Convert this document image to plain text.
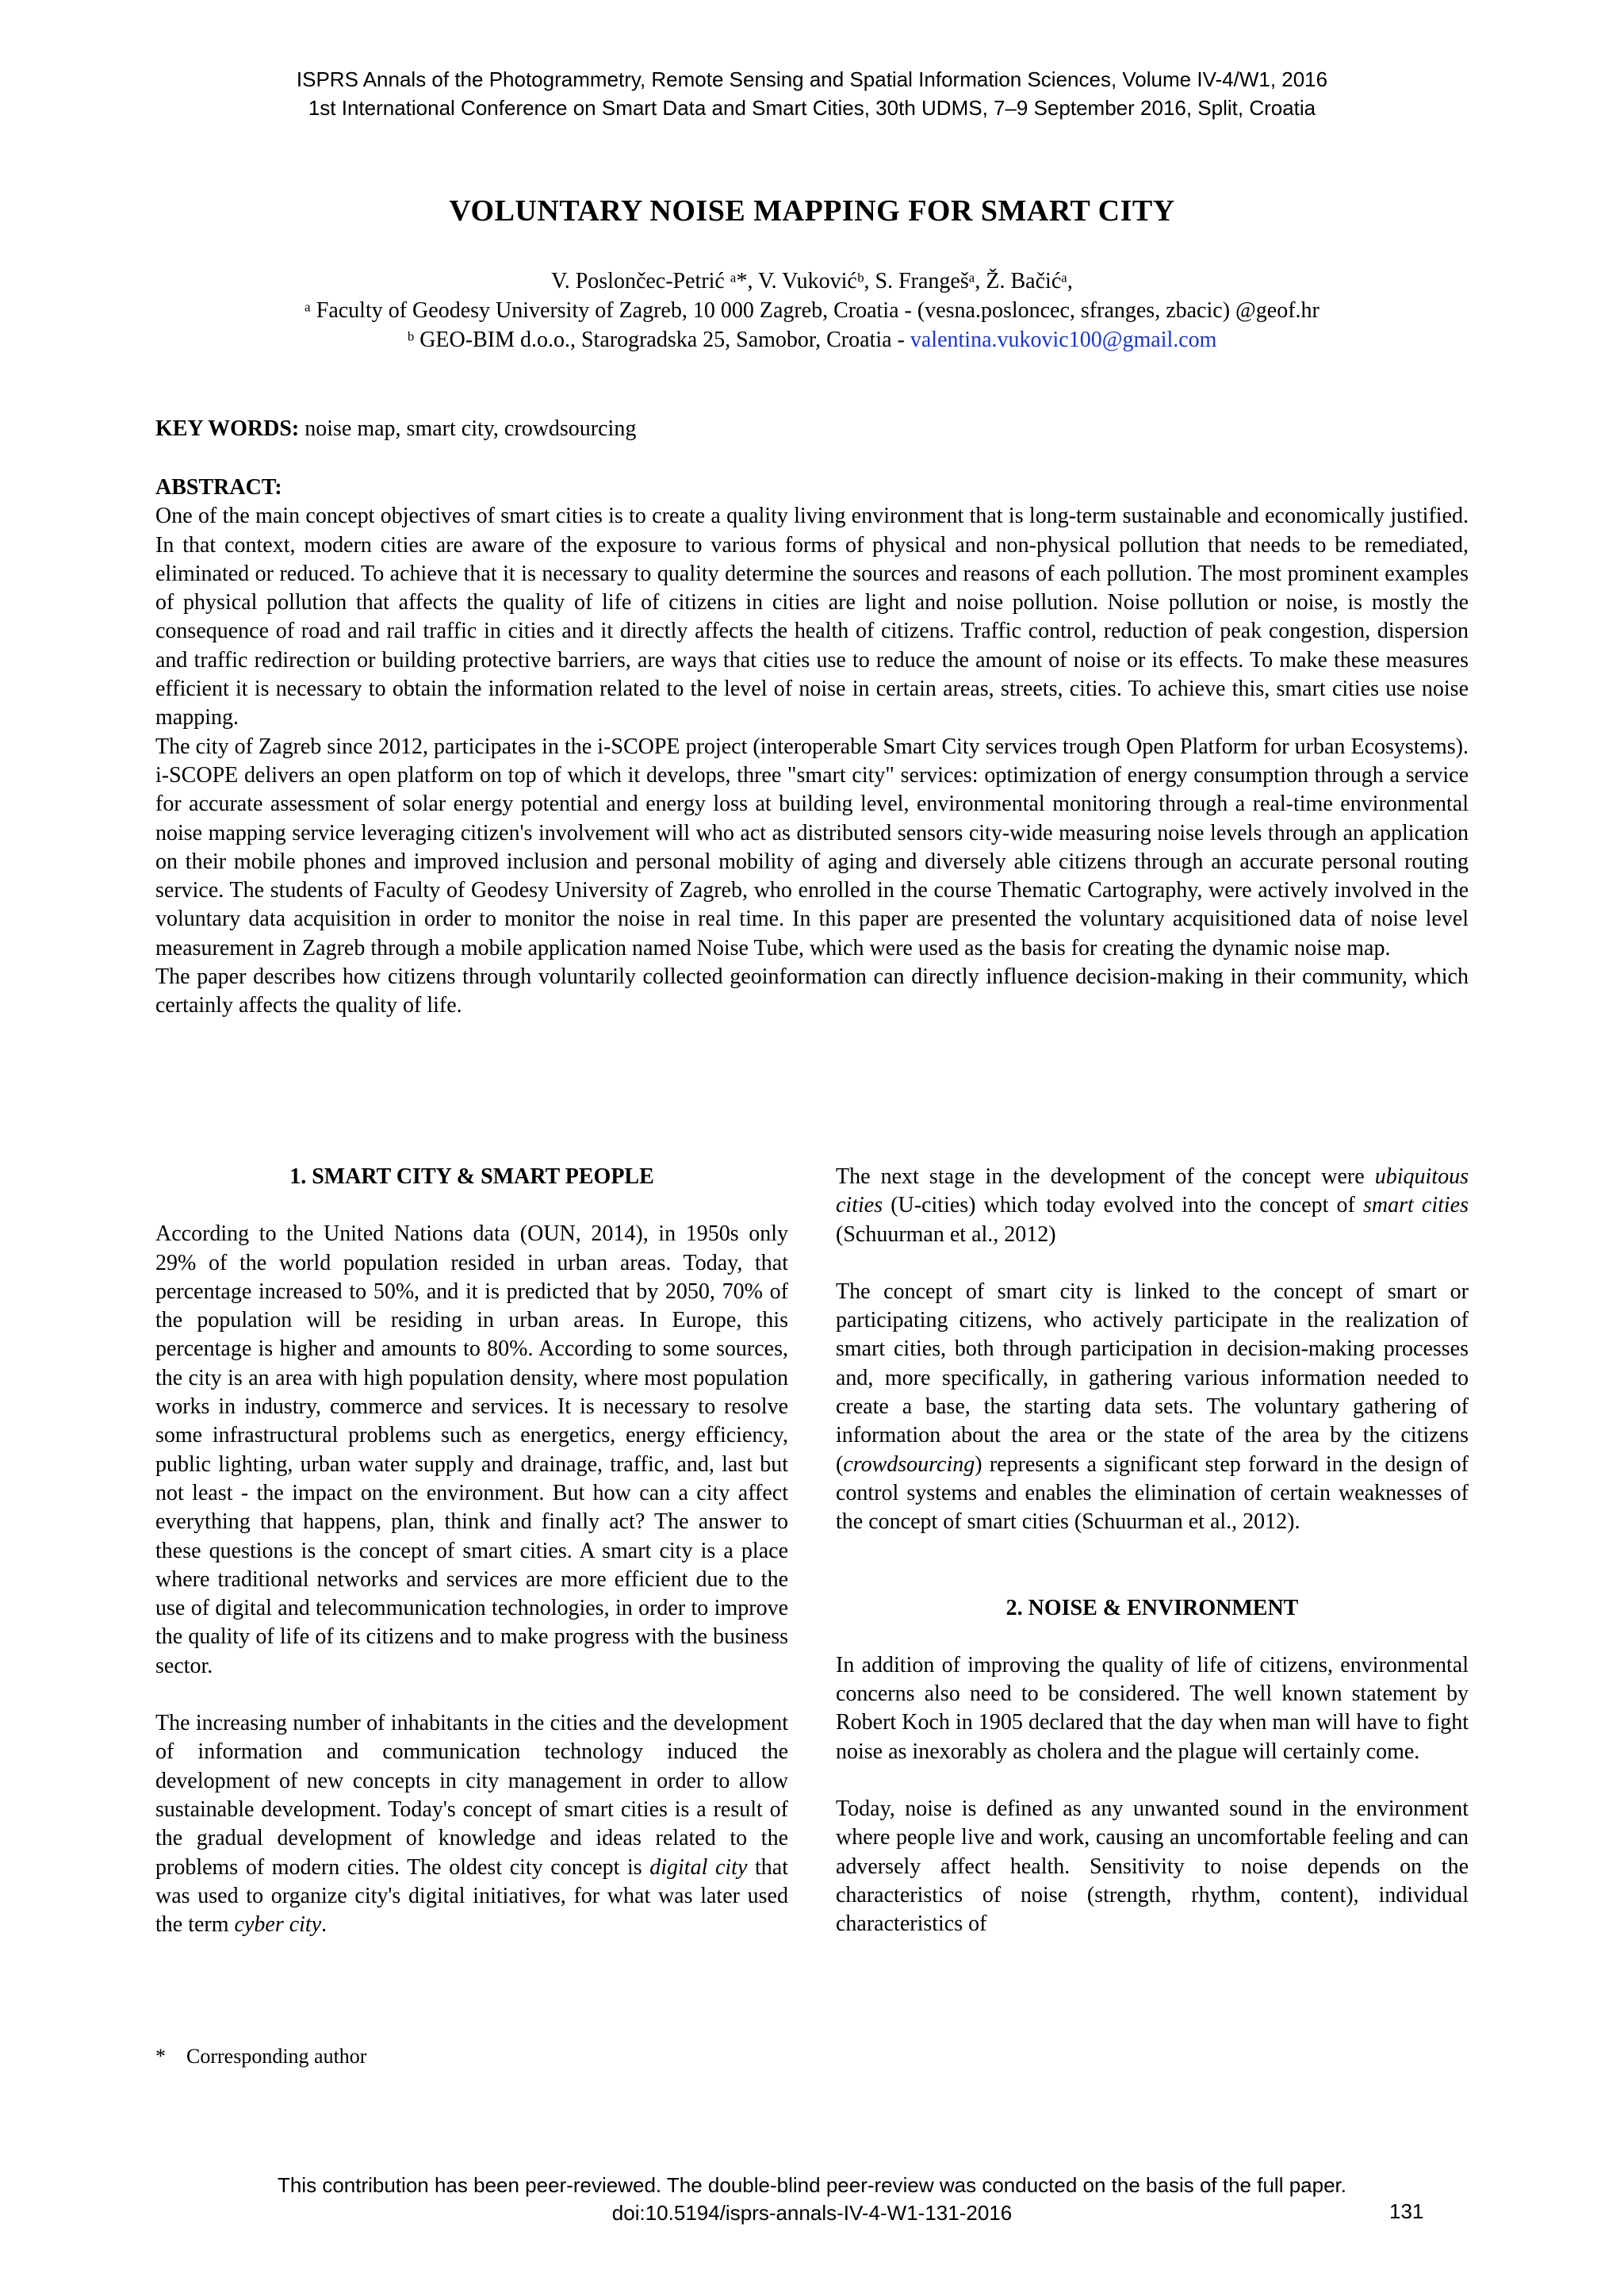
ISPRS Annals of the Photogrammetry, Remote Sensing and Spatial Information Sciences, Volume IV-4/W1, 2016
1st International Conference on Smart Data and Smart Cities, 30th UDMS, 7–9 September 2016, Split, Croatia
VOLUNTARY NOISE MAPPING FOR SMART CITY
V. Poslončec-Petrić ᵃ*, V. Vukovićᵇ, S. Frangešᵃ, Ž. Bačićᵃ,
ᵃ Faculty of Geodesy University of Zagreb, 10 000 Zagreb, Croatia - (vesna.posloncec, sfranges, zbacic) @geof.hr
ᵇ GEO-BIM d.o.o., Starogradska 25, Samobor, Croatia - valentina.vukovic100@gmail.com
KEY WORDS: noise map, smart city, crowdsourcing
ABSTRACT:

One of the main concept objectives of smart cities is to create a quality living environment that is long-term sustainable and economically justified. In that context, modern cities are aware of the exposure to various forms of physical and non-physical pollution that needs to be remediated, eliminated or reduced. To achieve that it is necessary to quality determine the sources and reasons of each pollution. The most prominent examples of physical pollution that affects the quality of life of citizens in cities are light and noise pollution. Noise pollution or noise, is mostly the consequence of road and rail traffic in cities and it directly affects the health of citizens. Traffic control, reduction of peak congestion, dispersion and traffic redirection or building protective barriers, are ways that cities use to reduce the amount of noise or its effects. To make these measures efficient it is necessary to obtain the information related to the level of noise in certain areas, streets, cities. To achieve this, smart cities use noise mapping.

The city of Zagreb since 2012, participates in the i-SCOPE project (interoperable Smart City services trough Open Platform for urban Ecosystems). i-SCOPE delivers an open platform on top of which it develops, three "smart city" services: optimization of energy consumption through a service for accurate assessment of solar energy potential and energy loss at building level, environmental monitoring through a real-time environmental noise mapping service leveraging citizen's involvement will who act as distributed sensors city-wide measuring noise levels through an application on their mobile phones and improved inclusion and personal mobility of aging and diversely able citizens through an accurate personal routing service. The students of Faculty of Geodesy University of Zagreb, who enrolled in the course Thematic Cartography, were actively involved in the voluntary data acquisition in order to monitor the noise in real time. In this paper are presented the voluntary acquisitioned data of noise level measurement in Zagreb through a mobile application named Noise Tube, which were used as the basis for creating the dynamic noise map.

The paper describes how citizens through voluntarily collected geoinformation can directly influence decision-making in their community, which certainly affects the quality of life.

1. SMART CITY & SMART PEOPLE

According to the United Nations data (OUN, 2014), in 1950s only 29% of the world population resided in urban areas. Today, that percentage increased to 50%, and it is predicted that by 2050, 70% of the population will be residing in urban areas. In Europe, this percentage is higher and amounts to 80%. According to some sources, the city is an area with high population density, where most population works in industry, commerce and services. It is necessary to resolve some infrastructural problems such as energetics, energy efficiency, public lighting, urban water supply and drainage, traffic, and, last but not least - the impact on the environment. But how can a city affect everything that happens, plan, think and finally act? The answer to these questions is the concept of smart cities. A smart city is a place where traditional networks and services are more efficient due to the use of digital and telecommunication technologies, in order to improve the quality of life of its citizens and to make progress with the business sector.

The increasing number of inhabitants in the cities and the development of information and communication technology induced the development of new concepts in city management in order to allow sustainable development. Today's concept of smart cities is a result of the gradual development of knowledge and ideas related to the problems of modern cities. The oldest city concept is digital city that was used to organize city's digital initiatives, for what was later used the term cyber city.

The next stage in the development of the concept were ubiquitous cities (U-cities) which today evolved into the concept of smart cities (Schuurman et al., 2012)

The concept of smart city is linked to the concept of smart or participating citizens, who actively participate in the realization of smart cities, both through participation in decision-making processes and, more specifically, in gathering various information needed to create a base, the starting data sets. The voluntary gathering of information about the area or the state of the area by the citizens (crowdsourcing) represents a significant step forward in the design of control systems and enables the elimination of certain weaknesses of the concept of smart cities (Schuurman et al., 2012).

2. NOISE & ENVIRONMENT

In addition of improving the quality of life of citizens, environmental concerns also need to be considered. The well known statement by Robert Koch in 1905 declared that the day when man will have to fight noise as inexorably as cholera and the plague will certainly come.

Today, noise is defined as any unwanted sound in the environment where people live and work, causing an uncomfortable feeling and can adversely affect health. Sensitivity to noise depends on the characteristics of noise (strength, rhythm, content), individual characteristics of

*    Corresponding author
This contribution has been peer-reviewed. The double-blind peer-review was conducted on the basis of the full paper.
doi:10.5194/isprs-annals-IV-4-W1-131-2016	131
